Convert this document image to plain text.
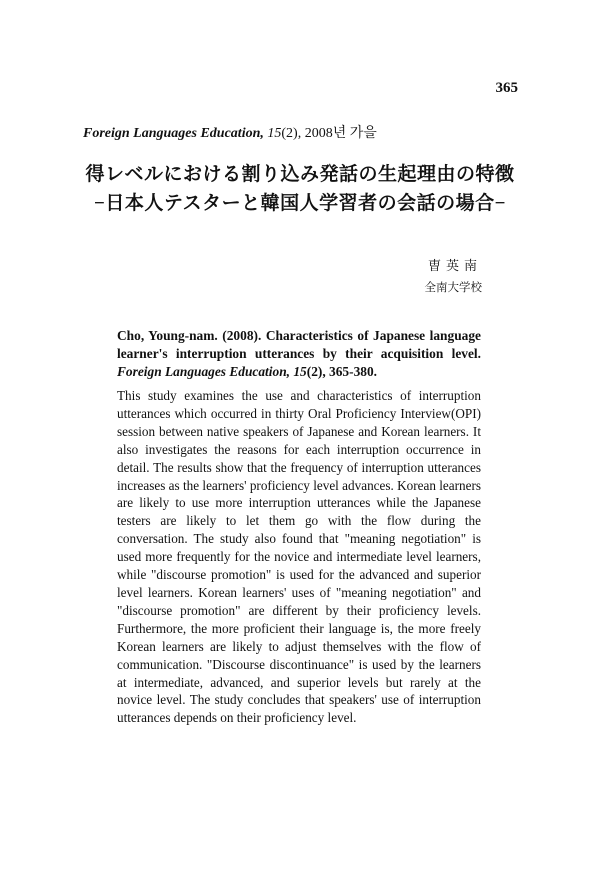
365
Foreign Languages Education, 15(2), 2008년 가을
得レベルにおける割り込み発話の生起理由の特徴
−日本人テスターと韓国人学習者の会話の場合−
曺英南
全南大学校
Cho, Young-nam. (2008). Characteristics of Japanese language learner's interruption utterances by their acquisition level. Foreign Languages Education, 15(2), 365-380.

This study examines the use and characteristics of interruption utterances which occurred in thirty Oral Proficiency Interview(OPI) session between native speakers of Japanese and Korean learners. It also investigates the reasons for each interruption occurrence in detail. The results show that the frequency of interruption utterances increases as the learners' proficiency level advances. Korean learners are likely to use more interruption utterances while the Japanese testers are likely to let them go with the flow during the conversation. The study also found that "meaning negotiation" is used more frequently for the novice and intermediate level learners, while "discourse promotion" is used for the advanced and superior level learners. Korean learners' uses of "meaning negotiation" and "discourse promotion" are different by their proficiency levels. Furthermore, the more proficient their language is, the more freely Korean learners are likely to adjust themselves with the flow of communication. "Discourse discontinuance" is used by the learners at intermediate, advanced, and superior levels but rarely at the novice level. The study concludes that speakers' use of interruption utterances depends on their proficiency level.
